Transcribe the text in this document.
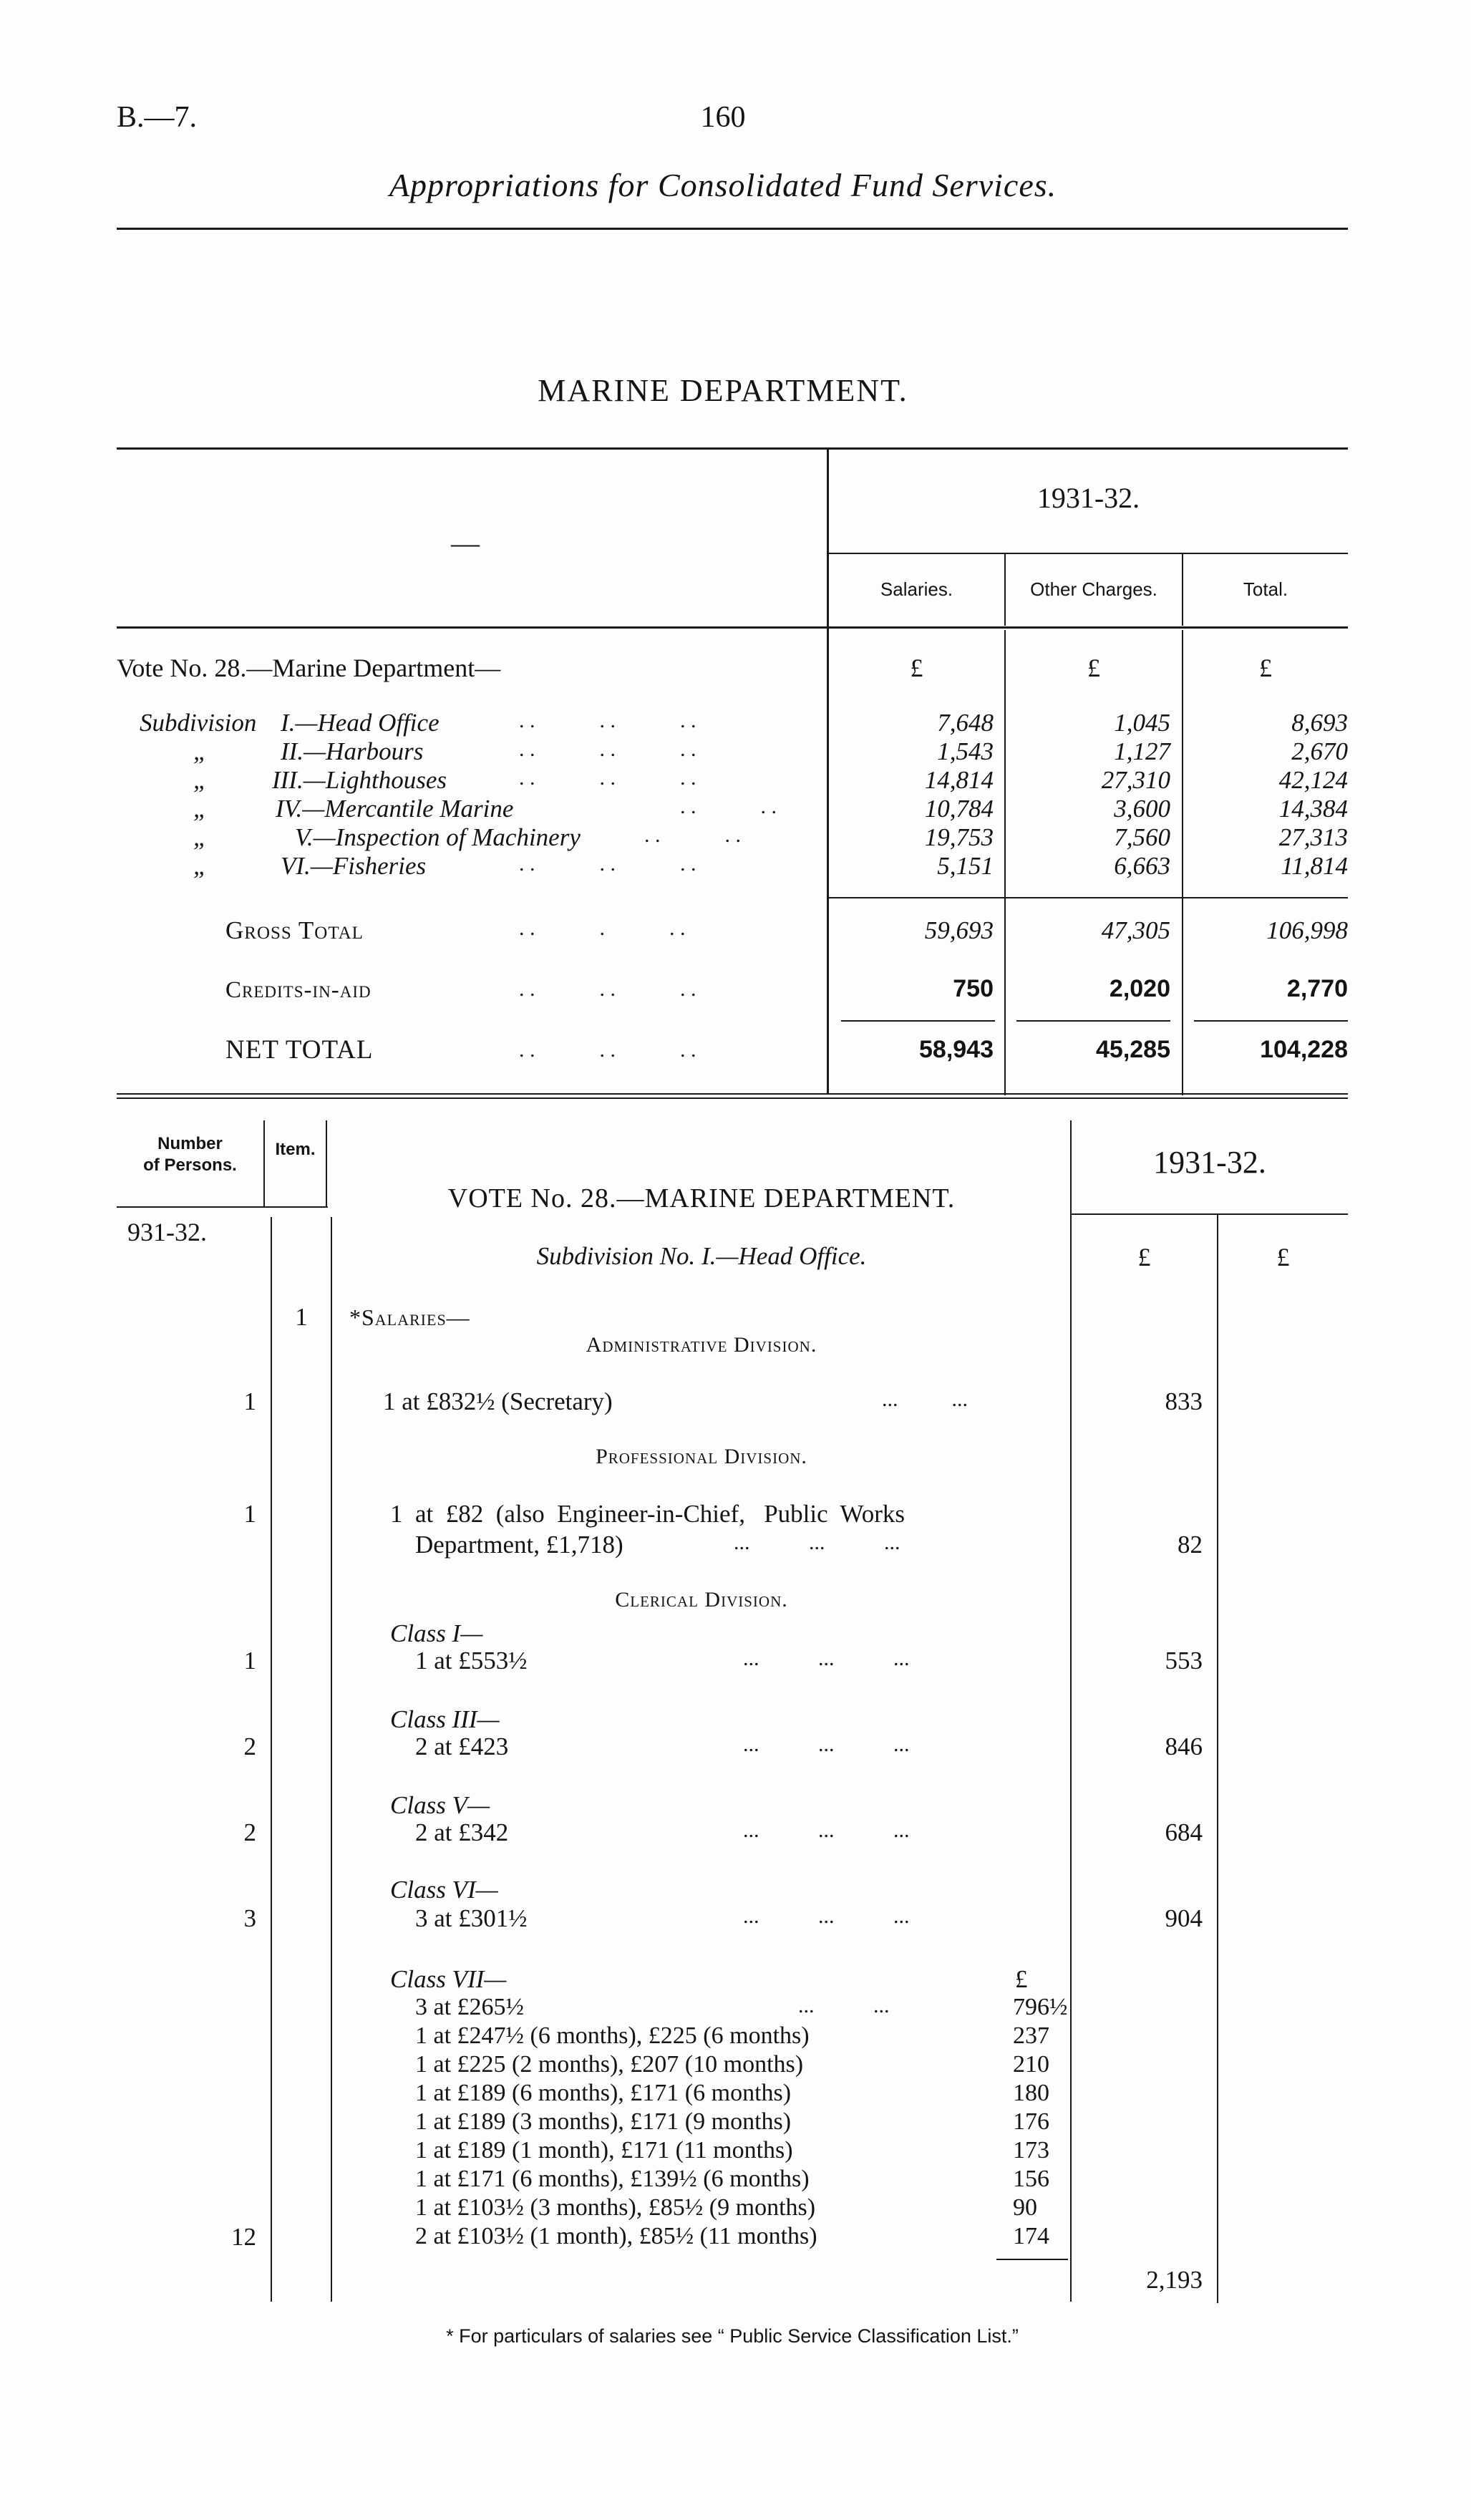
B.—7.	160
Appropriations for Consolidated Fund Services.
MARINE DEPARTMENT.
—
1931-32.
Salaries.	Other Charges.	Total.
Vote No. 28.—Marine Department—	£	£	£
Subdivision I.—Head Office	. .            . .            . .	7,648	1,045	8,693
„	II.—Harbours	. .            . .            . .	1,543	1,127	2,670
„	III.—Lighthouses	. .            . .            . .	14,814	27,310	42,124
„	IV.—Mercantile Marine	. .            . .	10,784	3,600	14,384
„	V.—Inspection of Machinery	. .            . .	19,753	7,560	27,313
„	VI.—Fisheries	. .            . .            . .	5,151	6,663	11,814
Gross Total	. .            .            . .	59,693	47,305	106,998
Credits-in-aid	. .            . .            . .	750	2,020	2,770
NET TOTAL	. .            . .            . .	58,943	45,285	104,228
Number
of Persons.
Item.	1931-32.
£	£
931-32.
VOTE No. 28.—MARINE DEPARTMENT.
Subdivision No. I.—Head Office.
1	*Salaries—
Administrative Division.
1	1 at £832½ (Secretary)	...          ...	833
Professional Division.
1	1  at  £82  (also  Engineer-in-Chief,   Public  Works
Department, £1,718)	...           ...           ...	82
Clerical Division.
Class I—
1	1 at £553½	...           ...           ...	553
Class III—
2	2 at £423	...           ...           ...	846
Class V—
2	2 at £342	...           ...           ...	684
Class VI—
3	3 at £301½	...           ...           ...	904
Class VII—	£
3 at £265½	...           ...	796½
1 at £247½ (6 months), £225 (6 months)	237
1 at £225 (2 months), £207 (10 months)	210
1 at £189 (6 months), £171 (6 months)	180
1 at £189 (3 months), £171 (9 months)	176
1 at £189 (1 month), £171 (11 months)	173
1 at £171 (6 months), £139½ (6 months)	156
1 at £103½ (3 months), £85½ (9 months)	90
12	2 at £103½ (1 month), £85½ (11 months)	174
2,193
* For particulars of salaries see “ Public Service Classification List.”
